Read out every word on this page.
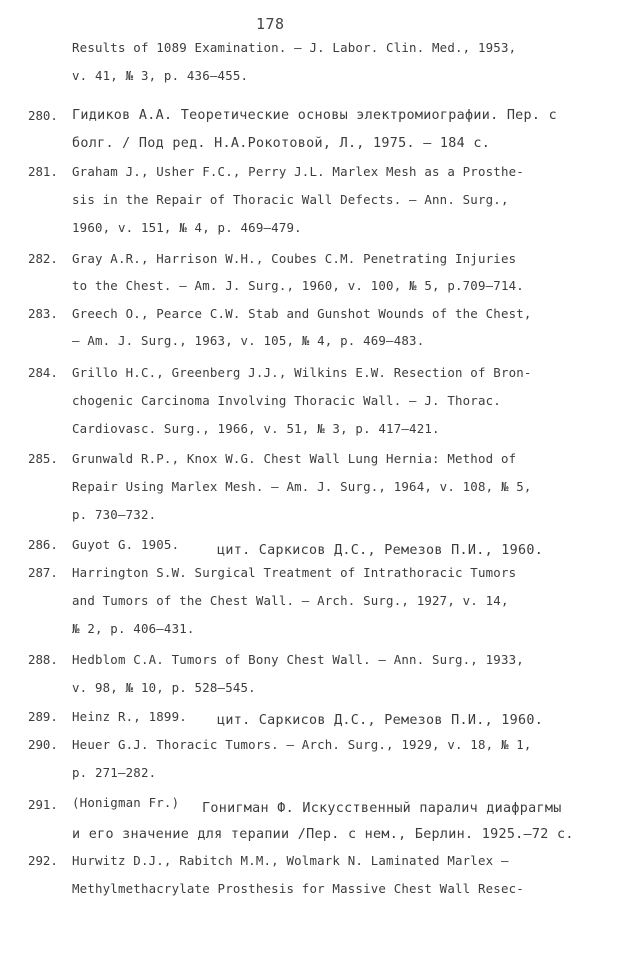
178
Results of 1089 Examination. – J. Labor. Clin. Med., 1953,
v. 41, № 3, p. 436–455.
280. Гидиков А.А. Теоретические основы электромиографии. Пер. с
болг. / Под ред. Н.А.Рокотовой, Л., 1975. – 184 с.
281. Graham J., Usher F.C., Perry J.L. Marlex Mesh as a Prosthe-
sis in the Repair of Thoracic Wall Defects. – Ann. Surg.,
1960, v. 151, № 4, p. 469–479.
282. Gray A.R., Harrison W.H., Coubes C.M. Penetrating Injuries
to the Chest. – Am. J. Surg., 1960, v. 100, № 5, p.709–714.
283. Greech O., Pearce C.W. Stab and Gunshot Wounds of the Chest,
– Am. J. Surg., 1963, v. 105, № 4, p. 469–483.
284. Grillo H.C., Greenberg J.J., Wilkins E.W. Resection of Bron-
chogenic Carcinoma Involving Thoracic Wall. – J. Thorac.
Cardiovasc. Surg., 1966, v. 51, № 3, p. 417–421.
285. Grunwald R.P., Knox W.G. Chest Wall Lung Hernia: Method of
Repair Using Marlex Mesh. – Am. J. Surg., 1964, v. 108, № 5,
p. 730–732.
286. Guyot G. 1905.	цит. Саркисов Д.С., Ремезов П.И., 1960.
287. Harrington S.W. Surgical Treatment of Intrathoracic Tumors
and Tumors of the Chest Wall. – Arch. Surg., 1927, v. 14,
№ 2, p. 406–431.
288. Hedblom C.A. Tumors of Bony Chest Wall. – Ann. Surg., 1933,
v. 98, № 10, p. 528–545.
289. Heinz R., 1899. цит. Саркисов Д.С., Ремезов П.И., 1960.
290. Heuer G.J. Thoracic Tumors. – Arch. Surg., 1929, v. 18, № 1,
p. 271–282.
291. (Honigman Fr.) Гонигман Ф. Искусственный паралич диафрагмы
и его значение для терапии /Пер. с нем., Берлин. 1925.–72 с.
292. Hurwitz D.J., Rabitch M.M., Wolmark N. Laminated Marlex –
Methylmethacrylate Prosthesis for Massive Chest Wall Resec-
